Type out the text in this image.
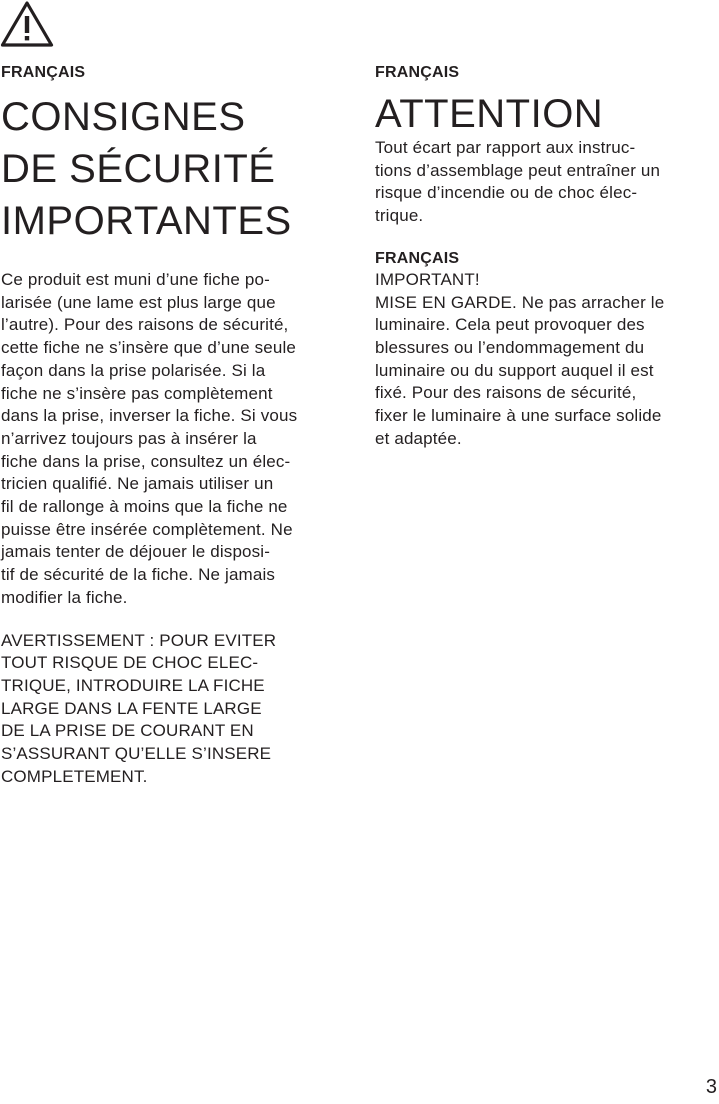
FRANÇAIS

CONSIGNES
DE SÉCURITÉ
IMPORTANTES

Ce produit est muni d’une fiche po-
larisée (une lame est plus large que
l’autre). Pour des raisons de sécurité,
cette fiche ne s’insère que d’une seule
façon dans la prise polarisée. Si la
fiche ne s’insère pas complètement
dans la prise, inverser la fiche. Si vous
n’arrivez toujours pas à insérer la
fiche dans la prise, consultez un élec-
tricien qualifié. Ne jamais utiliser un
fil de rallonge à moins que la fiche ne
puisse être insérée complètement. Ne
jamais tenter de déjouer le disposi-
tif de sécurité de la fiche. Ne jamais
modifier la fiche.

AVERTISSEMENT : POUR EVITER
TOUT RISQUE DE CHOC ELEC-
TRIQUE, INTRODUIRE LA FICHE
LARGE DANS LA FENTE LARGE
DE LA PRISE DE COURANT EN
S’ASSURANT QU’ELLE S’INSERE
COMPLETEMENT.

FRANÇAIS

ATTENTION

Tout écart par rapport aux instruc-
tions d’assemblage peut entraîner un
risque d’incendie ou de choc élec-
trique.

FRANÇAIS

IMPORTANT!
MISE EN GARDE. Ne pas arracher le
luminaire. Cela peut provoquer des
blessures ou l’endommagement du
luminaire ou du support auquel il est
fixé. Pour des raisons de sécurité,
fixer le luminaire à une surface solide
et adaptée.

3
